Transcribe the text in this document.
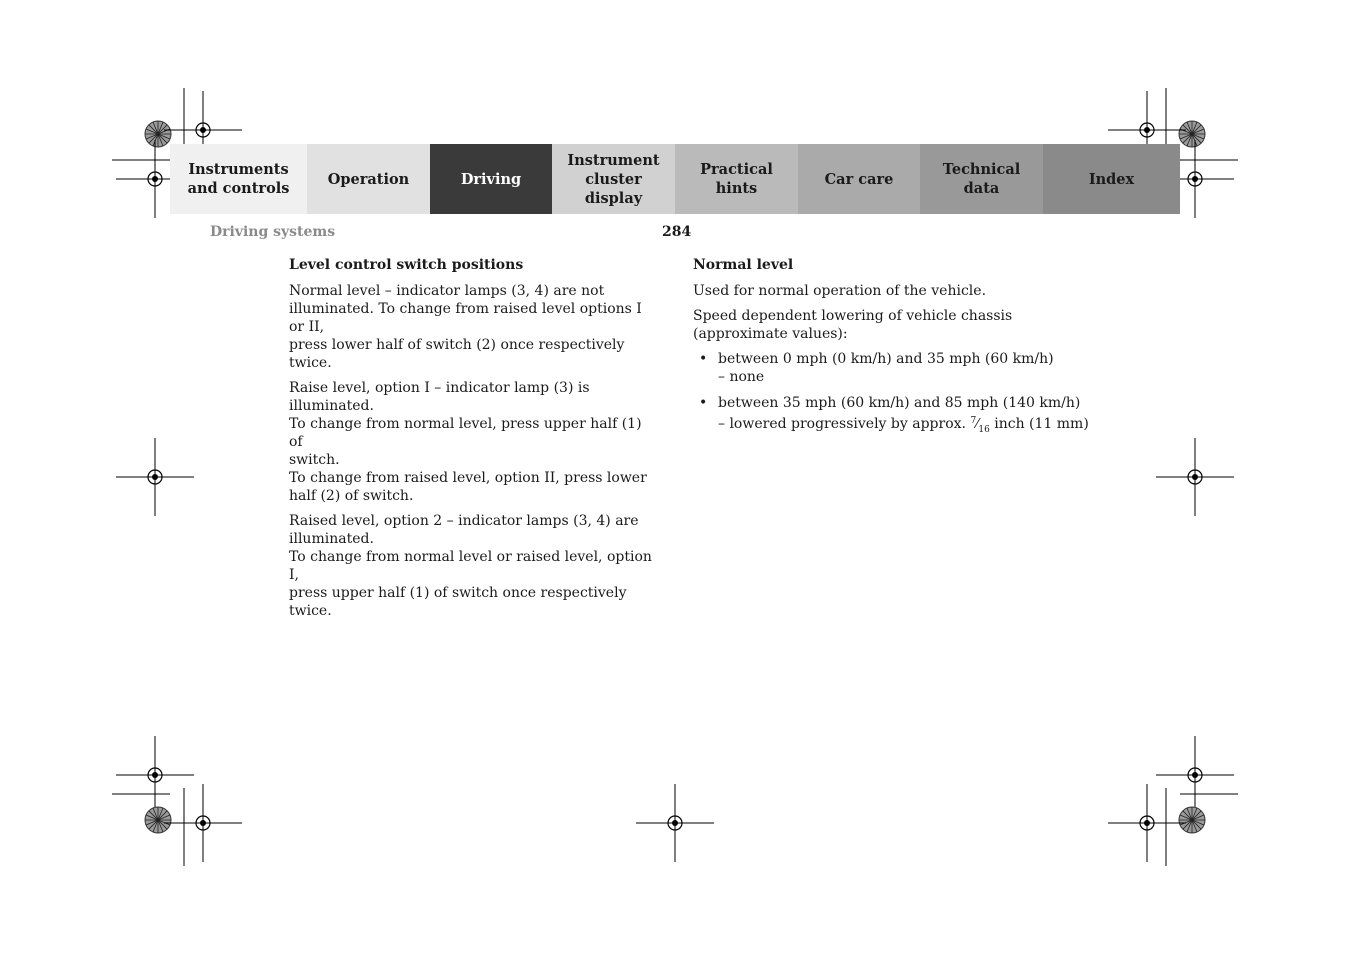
Instruments
and controls
Operation	Driving
Instrument
cluster display
Practical hints
Car care
Technical
data
Index
Driving systems	284
Level control switch positions

Normal level – indicator lamps (3, 4) are not
illuminated. To change from raised level options I or II,
press lower half of switch (2) once respectively twice.

Raise level, option I – indicator lamp (3) is illuminated.
To change from normal level, press upper half (1) of
switch.
To change from raised level, option II, press lower
half (2) of switch.

Raised level, option 2 – indicator lamps (3, 4) are
illuminated.
To change from normal level or raised level, option I,
press upper half (1) of switch once respectively twice.

Normal level

Used for normal operation of the vehicle.

Speed dependent lowering of vehicle chassis
(approximate values):

• between 0 mph (0 km/h) and 35 mph (60 km/h)
– none
• between 35 mph (60 km/h) and 85 mph (140 km/h)
– lowered progressively by approx. $^7⁄_{16}$ inch (11 mm)
